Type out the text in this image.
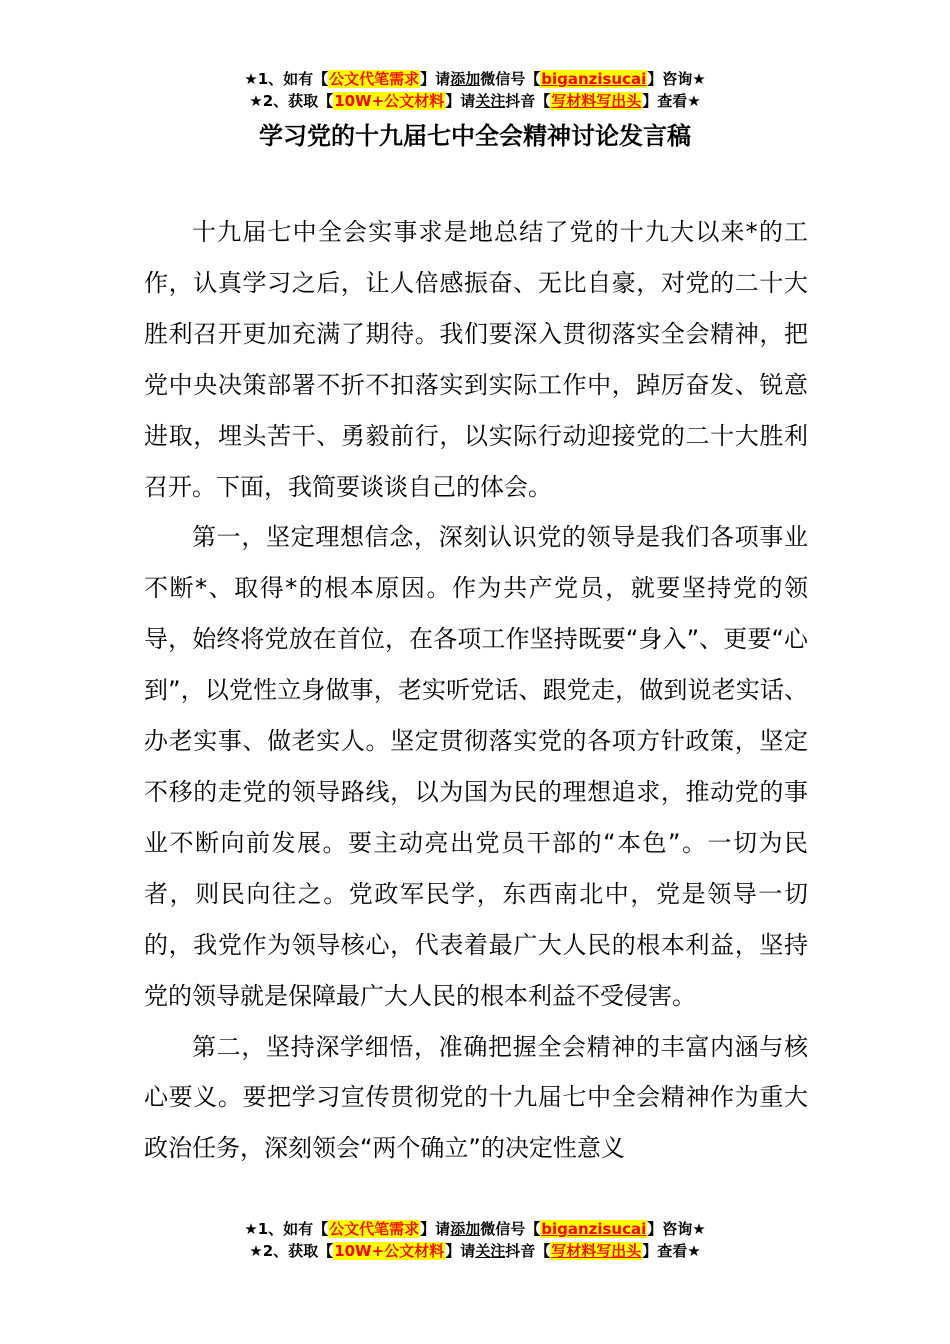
★1、如有【公文代笔需求】请添加微信号【biganzisucai】咨询★
★2、获取【10W+公文材料】请关注抖音【写材料写出头】查看★
学习党的十九届七中全会精神讨论发言稿

十九届七中全会实事求是地总结了党的十九大以来*的工作，认真学习之后，让人倍感振奋、无比自豪，对党的二十大胜利召开更加充满了期待。我们要深入贯彻落实全会精神，把党中央决策部署不折不扣落实到实际工作中，踔厉奋发、锐意进取，埋头苦干、勇毅前行，以实际行动迎接党的二十大胜利召开。下面，我简要谈谈自己的体会。

第一，坚定理想信念，深刻认识党的领导是我们各项事业不断*、取得*的根本原因。作为共产党员，就要坚持党的领导，始终将党放在首位，在各项工作坚持既要“身入”、更要“心到”，以党性立身做事，老实听党话、跟党走，做到说老实话、办老实事、做老实人。坚定贯彻落实党的各项方针政策，坚定不移的走党的领导路线，以为国为民的理想追求，推动党的事业不断向前发展。要主动亮出党员干部的“本色”。一切为民者，则民向往之。党政军民学，东西南北中，党是领导一切的，我党作为领导核心，代表着最广大人民的根本利益，坚持党的领导就是保障最广大人民的根本利益不受侵害。

第二，坚持深学细悟，准确把握全会精神的丰富内涵与核心要义。要把学习宣传贯彻党的十九届七中全会精神作为重大政治任务，深刻领会“两个确立”的决定性意义

★1、如有【公文代笔需求】请添加微信号【biganzisucai】咨询★
★2、获取【10W+公文材料】请关注抖音【写材料写出头】查看★
